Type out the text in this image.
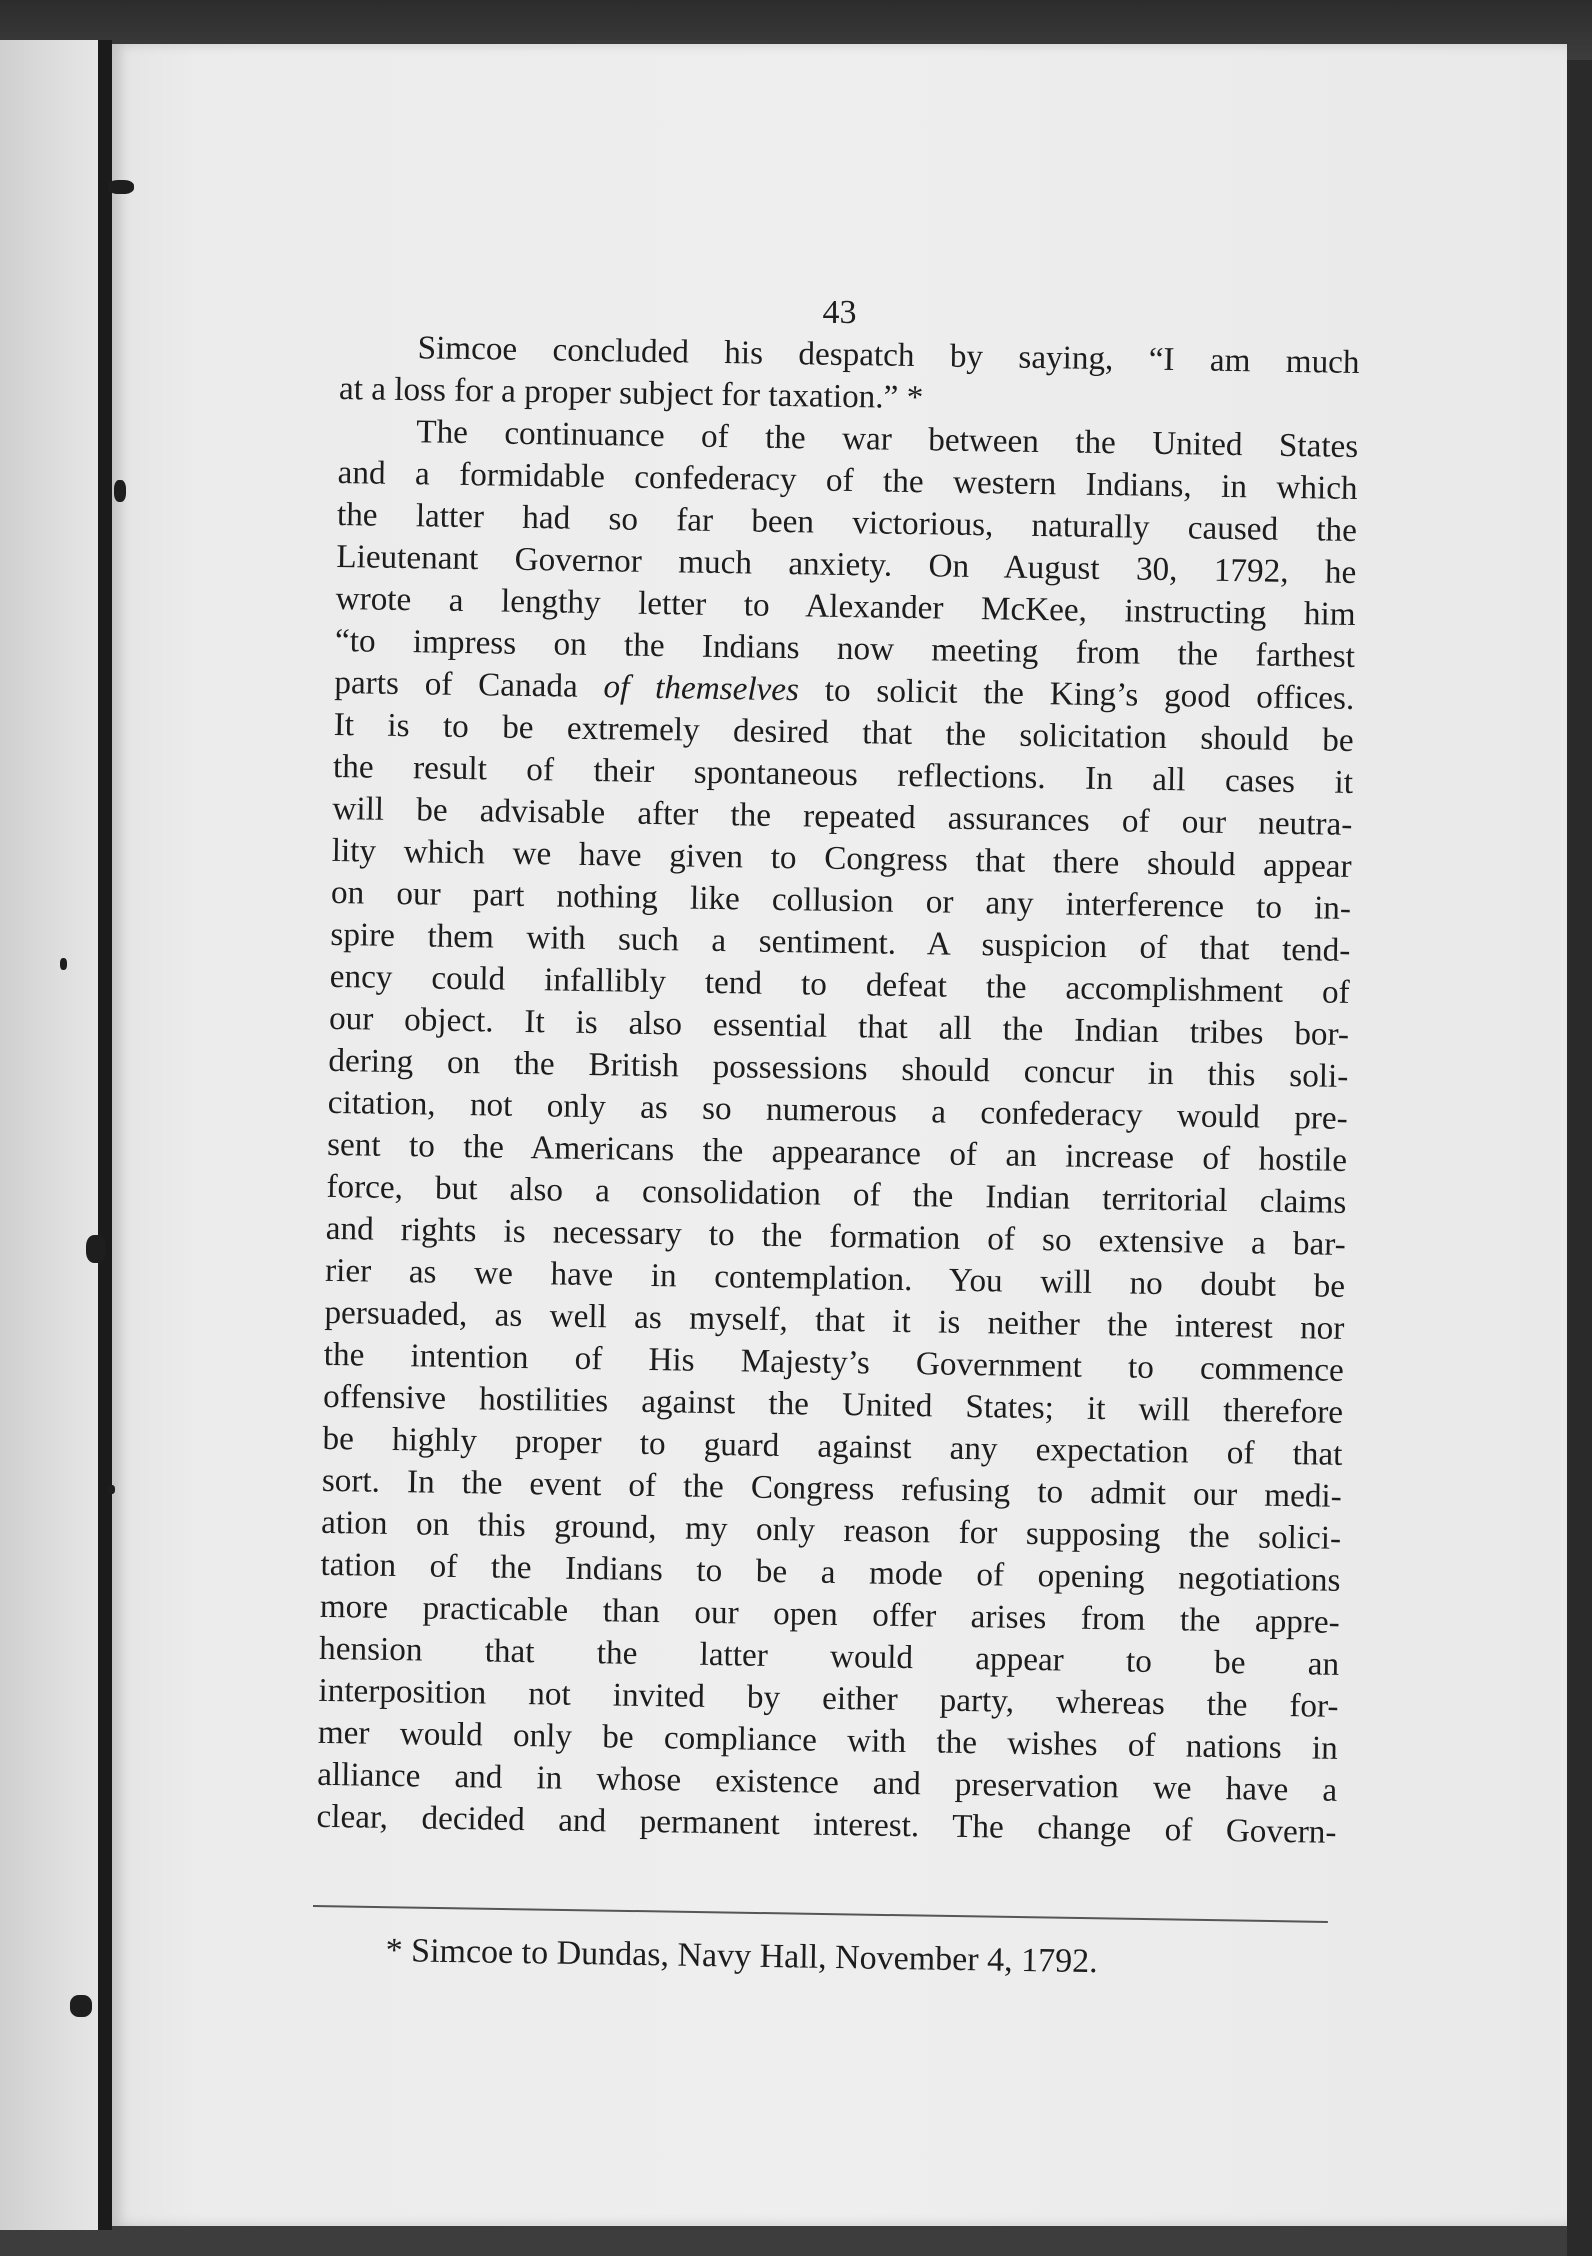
43
Simcoe concluded his despatch by saying, “I am much
at a loss for a proper subject for taxation.” *
The continuance of the war between the United States
and a formidable confederacy of the western Indians, in which
the latter had so far been victorious, naturally caused the
Lieutenant Governor much anxiety. On August 30, 1792, he
wrote a lengthy letter to Alexander McKee, instructing him
“to impress on the Indians now meeting from the farthest
parts of Canada of themselves to solicit the King’s good offices.
It is to be extremely desired that the solicitation should be
the result of their spontaneous reflections. In all cases it
will be advisable after the repeated assurances of our neutra-
lity which we have given to Congress that there should appear
on our part nothing like collusion or any interference to in-
spire them with such a sentiment. A suspicion of that tend-
ency could infallibly tend to defeat the accomplishment of
our object. It is also essential that all the Indian tribes bor-
dering on the British possessions should concur in this soli-
citation, not only as so numerous a confederacy would pre-
sent to the Americans the appearance of an increase of hostile
force, but also a consolidation of the Indian territorial claims
and rights is necessary to the formation of so extensive a bar-
rier as we have in contemplation. You will no doubt be
persuaded, as well as myself, that it is neither the interest nor
the intention of His Majesty’s Government to commence
offensive hostilities against the United States; it will therefore
be highly proper to guard against any expectation of that
sort. In the event of the Congress refusing to admit our medi-
ation on this ground, my only reason for supposing the solici-
tation of the Indians to be a mode of opening negotiations
more practicable than our open offer arises from the appre-
hension that the latter would appear to be an
interposition not invited by either party, whereas the for-
mer would only be compliance with the wishes of nations in
alliance and in whose existence and preservation we have a
clear, decided and permanent interest. The change of Govern-
* Simcoe to Dundas, Navy Hall, November 4, 1792.
